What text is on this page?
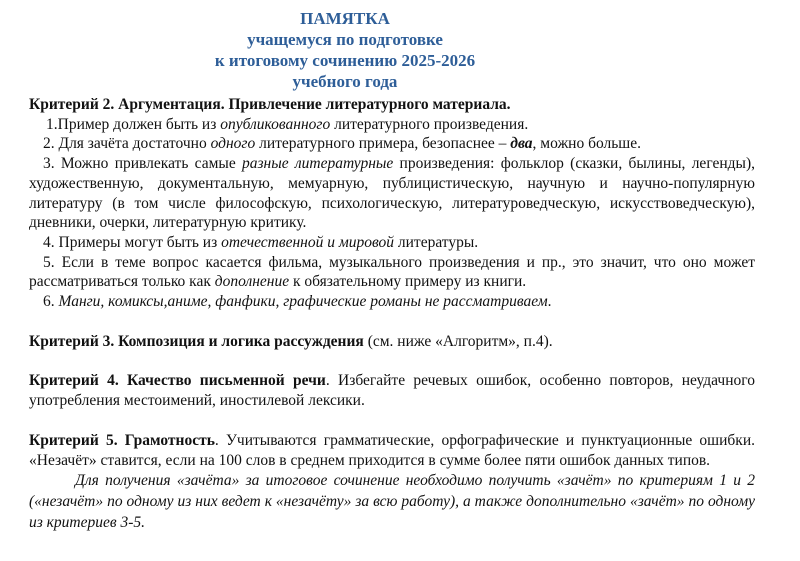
ПАМЯТКА
учащемуся по подготовке
к итоговому сочинению 2025-2026
учебного года

Критерий 2. Аргументация. Привлечение литературного материала.

1.Пример должен быть из опубликованного литературного произведения.

2. Для зачёта достаточно одного литературного примера, безопаснее – два, можно больше.

3. Можно привлекать самые разные литературные произведения: фольклор (сказки, былины, легенды), художественную, документальную, мемуарную, публицистическую, научную и научно-популярную литературу (в том числе философскую, психологическую, литературоведческую, искусствоведческую), дневники, очерки, литературную критику.

4. Примеры могут быть из отечественной и мировой литературы.

5. Если в теме вопрос касается фильма, музыкального произведения и пр., это значит, что оно может рассматриваться только как дополнение к обязательному примеру из книги.

6. Манги, комиксы,аниме, фанфики, графические романы не рассматриваем.

Критерий 3. Композиция и логика рассуждения (см. ниже «Алгоритм», п.4).

Критерий 4. Качество письменной речи. Избегайте речевых ошибок, особенно повторов, неудачного употребления местоимений, иностилевой лексики.

Критерий 5. Грамотность. Учитываются грамматические, орфографические и пунктуационные ошибки. «Незачёт» ставится, если на 100 слов в среднем приходится в сумме более пяти ошибок данных типов.

Для получения «зачёта» за итоговое сочинение необходимо получить «зачёт» по критериям 1 и 2 («незачёт» по одному из них ведет к «незачёту» за всю работу), а также дополнительно «зачёт» по одному из критериев 3-5.
